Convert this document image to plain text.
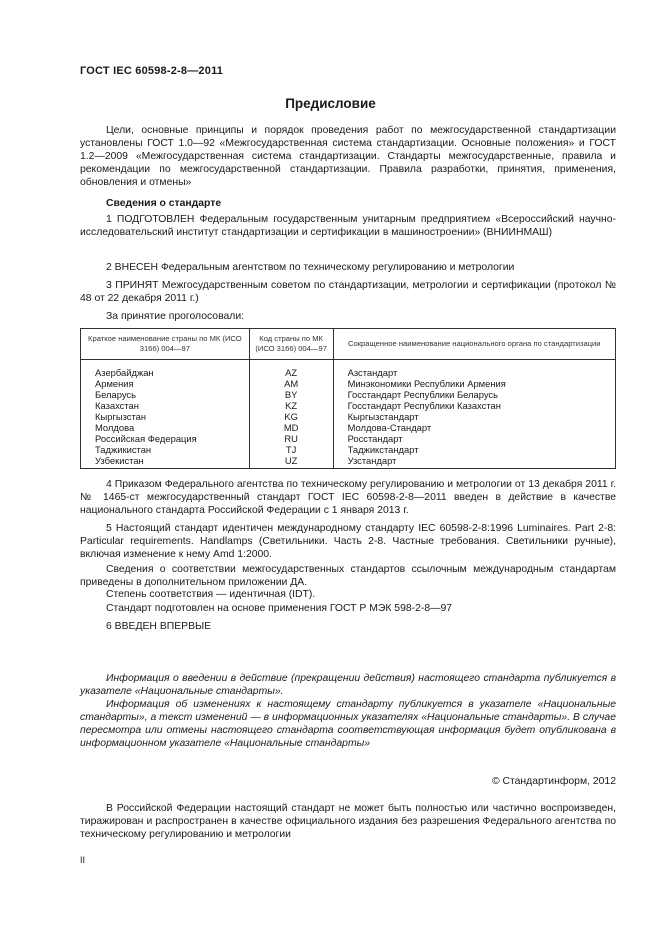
ГОСТ IEC 60598-2-8—2011
Предисловие

Цели, основные принципы и порядок проведения работ по межгосударственной стандартизации установлены ГОСТ 1.0—92 «Межгосударственная система стандартизации. Основные положения» и ГОСТ 1.2—2009 «Межгосударственная система стандартизации. Стандарты межгосударственные, правила и рекомендации по межгосударственной стандартизации. Правила разработки, принятия, применения, обновления и отмены»

Сведения о стандарте

1 ПОДГОТОВЛЕН Федеральным государственным унитарным предприятием «Всероссийский научно-исследовательский институт стандартизации и сертификации в машиностроении» (ВНИИНМАШ)

2 ВНЕСЕН Федеральным агентством по техническому регулированию и метрологии

3 ПРИНЯТ Межгосударственным советом по стандартизации, метрологии и сертификации (протокол № 48 от 22 декабря 2011 г.)

За принятие проголосовали:

Краткое наименование страны по МК (ИСО 3166) 004—97	Код страны по МК (ИСО 3166) 004—97	Сокращенное наименование национального органа по стандартизации
Азербайджан	AZ	Азстандарт
Армения	AM	Минэкономики Республики Армения
Беларусь	BY	Госстандарт Республики Беларусь
Казахстан	KZ	Госстандарт Республики Казахстан
Кыргызстан	KG	Кыргызстандарт
Молдова	MD	Молдова-Стандарт
Российская Федерация	RU	Росстандарт
Таджикистан	TJ	Таджикстандарт
Узбекистан	UZ	Узстандарт

4 Приказом Федерального агентства по техническому регулированию и метрологии от 13 декабря 2011 г. № 1465-ст межгосударственный стандарт ГОСТ IEC 60598-2-8—2011 введен в действие в качестве национального стандарта Российской Федерации с 1 января 2013 г.

5 Настоящий стандарт идентичен международному стандарту IEC 60598-2-8:1996 Luminaires. Part 2-8: Particular requirements. Handlamps (Светильники. Часть 2-8. Частные требования. Светильники ручные), включая изменение к нему Amd 1:2000.

Сведения о соответствии межгосударственных стандартов ссылочным международным стандартам приведены в дополнительном приложении ДА.

Степень соответствия — идентичная (IDT).

Стандарт подготовлен на основе применения ГОСТ Р МЭК 598-2-8—97

6 ВВЕДЕН ВПЕРВЫЕ

Информация о введении в действие (прекращении действия) настоящего стандарта публикуется в указателе «Национальные стандарты».

Информация об изменениях к настоящему стандарту публикуется в указателе «Национальные стандарты», а текст изменений — в информационных указателях «Национальные стандарты». В случае пересмотра или отмены настоящего стандарта соответствующая информация будет опубликована в информационном указателе «Национальные стандарты»

© Стандартинформ, 2012

В Российской Федерации настоящий стандарт не может быть полностью или частично воспроизведен, тиражирован и распространен в качестве официального издания без разрешения Федерального агентства по техническому регулированию и метрологии

II
